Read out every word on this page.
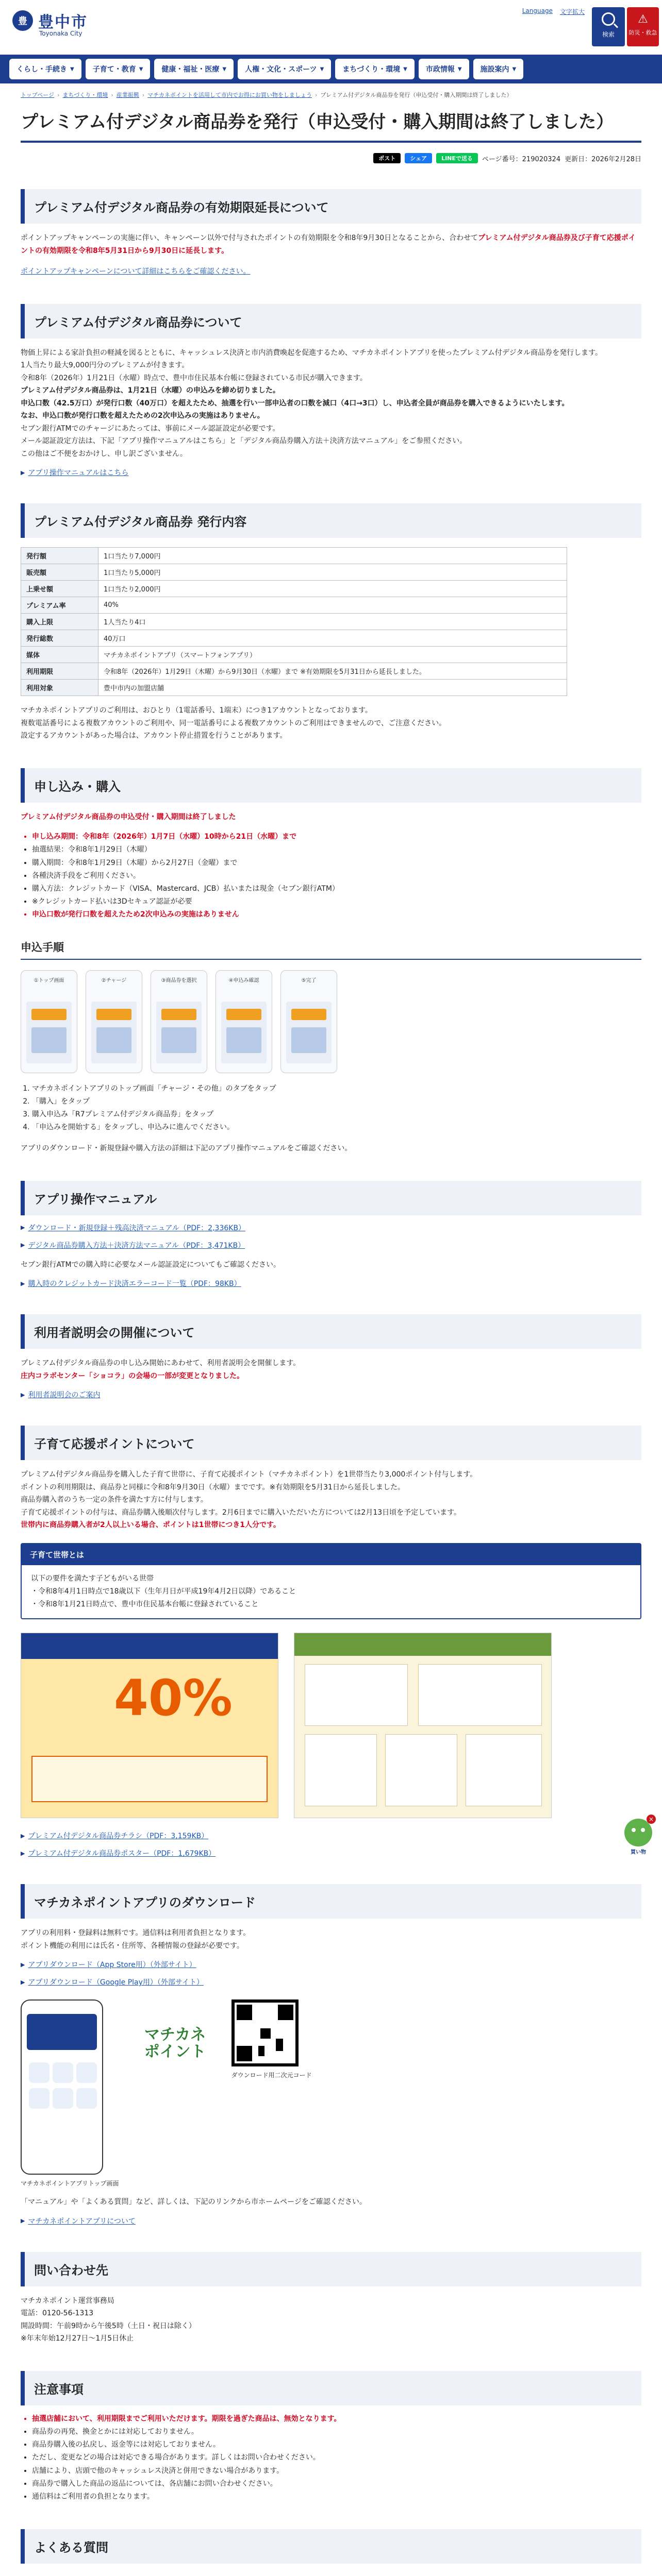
豊 豊中市
Toyonaka City
Language 文字拡大
検索
⚠
防災・救急
くらし・手続き ▼	子育て・教育 ▼	健康・福祉・医療 ▼	人権・文化・スポーツ ▼	まちづくり・環境 ▼	市政情報 ▼	施設案内 ▼
トップページ › まちづくり・環境 › 産業振興 › マチカネポイントを活用して市内でお得にお買い物をしましょう › プレミアム付デジタル商品券を発行（申込受付・購入期間は終了しました）
プレミアム付デジタル商品券を発行（申込受付・購入期間は終了しました）
ポスト	シェア	LINEで送る	ページ番号：219020324 更新日：2026年2月28日
プレミアム付デジタル商品券の有効期限延長について

ポイントアップキャンペーンの実施に伴い、キャンペーン以外で付与されたポイントの有効期限を令和8年9月30日となることから、合わせてプレミアム付デジタル商品券及び子育て応援ポイントの有効期限を令和8年5月31日から9月30日に延長します。

ポイントアップキャンペーンについて詳細はこちらをご確認ください。

プレミアム付デジタル商品券について

物価上昇による家計負担の軽減を図るとともに、キャッシュレス決済と市内消費喚起を促進するため、マチカネポイントアプリを使ったプレミアム付デジタル商品券を発行します。
1人当たり最大9,000円分のプレミアムが付きます。
令和8年（2026年）1月21日（水曜）時点で、豊中市住民基本台帳に登録されている市民が購入できます。
プレミアム付デジタル商品券は、1月21日（水曜）の申込みを締め切りました。
申込口数（42.5万口）が発行口数（40万口）を超えたため、抽選を行い一部申込者の口数を減口（4口→3口）し、申込者全員が商品券を購入できるようにいたします。
なお、申込口数が発行口数を超えたための2次申込みの実施はありません。
セブン銀行ATMでのチャージにあたっては、事前にメール認証設定が必要です。
メール認証設定方法は、下記「アプリ操作マニュアルはこちら」と「デジタル商品券購入方法＋決済方法マニュアル」をご参照ください。
この他はご不便をおかけし、申し訳ございません。

▶ アプリ操作マニュアルはこちら
プレミアム付デジタル商品券 発行内容
発行額	1口当たり7,000円
販売額	1口当たり5,000円
上乗せ額	1口当たり2,000円
プレミアム率	40%
購入上限	1人当たり4口
発行総数	40万口
媒体	マチカネポイントアプリ（スマートフォンアプリ）
利用期限	令和8年（2026年）1月29日（木曜）から9月30日（水曜）まで ※有効期限を5月31日から延長しました。
利用対象	豊中市内の加盟店舗

マチカネポイントアプリのご利用は、おひとり（1電話番号、1端末）につき1アカウントとなっております。
複数電話番号による複数アカウントのご利用や、同一電話番号による複数アカウントのご利用はできませんので、ご注意ください。
設定するアカウントがあった場合は、アカウント停止措置を行うことがあります。

申し込み・購入

プレミアム付デジタル商品券の申込受付・購入期間は終了しました

• 申し込み期間：令和8年（2026年）1月7日（水曜）10時から21日（水曜）まで
• 抽選結果：令和8年1月29日（木曜）
• 購入期間：令和8年1月29日（木曜）から2月27日（金曜）まで
• 各種決済手段をご利用ください。
• 購入方法：クレジットカード（VISA、Mastercard、JCB）払いまたは現金（セブン銀行ATM）
• ※クレジットカード払いは3Dセキュア認証が必要
• 申込口数が発行口数を超えたため2次申込みの実施はありません
申込手順
①トップ画面	②チャージ	③商品券を選択	④申込み確認	⑤完了
1. マチカネポイントアプリのトップ画面「チャージ・その他」のタブをタップ
2. 「購入」をタップ
3. 購入申込み「R7プレミアム付デジタル商品券」をタップ
4. 「申込みを開始する」をタップし、申込みに進んでください。

アプリのダウンロード・新規登録や購入方法の詳細は下記のアプリ操作マニュアルをご確認ください。

アプリ操作マニュアル
▶ ダウンロード・新規登録＋残高決済マニュアル（PDF：2,336KB）
▶ デジタル商品券購入方法＋決済方法マニュアル（PDF：3,471KB）

セブン銀行ATMでの購入時に必要なメール認証設定についてもご確認ください。

▶ 購入時のクレジットカード決済エラーコード一覧（PDF：98KB）
利用者説明会の開催について

プレミアム付デジタル商品券の申し込み開始にあわせて、利用者説明会を開催します。
庄内コラボセンター「ショコラ」の会場の一部が変更となりました。

▶ 利用者説明会のご案内
子育て応援ポイントについて

プレミアム付デジタル商品券を購入した子育て世帯に、子育て応援ポイント（マチカネポイント）を1世帯当たり3,000ポイント付与します。
ポイントの利用期限は、商品券と同様に令和8年9月30日（水曜）までです。※有効期限を5月31日から延長しました。
商品券購入者のうち一定の条件を満たす方に付与します。
子育て応援ポイントの付与は、商品券購入後順次付与します。2月6日までに購入いただいた方については2月13日頃を予定しています。
世帯内に商品券購入者が2人以上いる場合、ポイントは1世帯につき1人分です。

子育て世帯とは
以下の要件を満たす子どもがいる世帯
・令和8年4月1日時点で18歳以下（生年月日が平成19年4月2日以降）であること
・令和8年1月21日時点で、豊中市住民基本台帳に登録されていること
40%
▶ プレミアム付デジタル商品券チラシ（PDF：3,159KB）
▶ プレミアム付デジタル商品券ポスター（PDF：1,679KB）
マチカネポイントアプリのダウンロード

アプリの利用料・登録料は無料です。通信料は利用者負担となります。
ポイント機能の利用には氏名・住所等、各種情報の登録が必要です。

▶ アプリダウンロード（App Store用）（外部サイト）
▶ アプリダウンロード（Google Play用）（外部サイト）
マチカネポイントアプリトップ画面
マチカネ
ポイント
ダウンロード用二次元コード

「マニュアル」や「よくある質問」など、詳しくは、下記のリンクから市ホームページをご確認ください。

▶ マチカネポイントアプリについて
問い合わせ先

マチカネポイント運営事務局
電話：0120-56-1313
開設時間：午前9時から午後5時（土日・祝日は除く）
※年末年始12月27日～1月5日休止

注意事項
• 抽選店舗において、利用期限までご利用いただけます。期限を過ぎた商品は、無効となります。
• 商品券の再発、換金とかには対応しておりません。
• 商品券購入後の払戻し、返金等には対応しておりません。
• ただし、変更などの場合は対応できる場合があります。詳しくはお問い合わせください。
• 店舗により、店頭で他のキャッシュレス決済と併用できない場合があります。
• 商品券で購入した商品の返品については、各店舗にお問い合わせください。
• 通信料はご利用者の負担となります。
よくある質問

×
買い物
